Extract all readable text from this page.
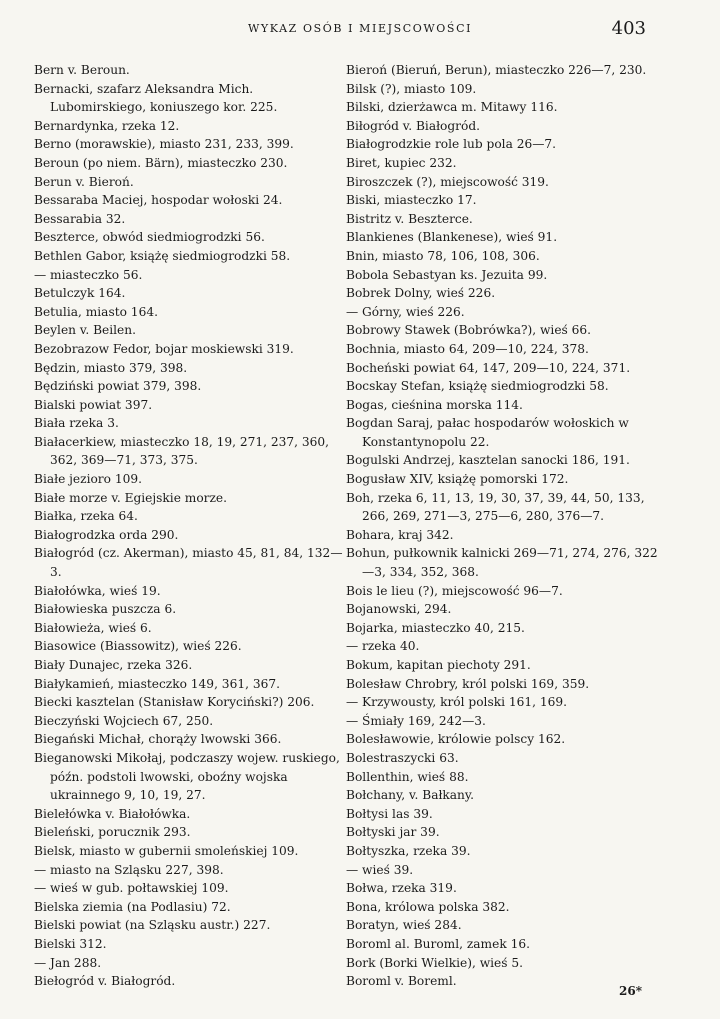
WYKAZ OSÓB I MIEJSCOWOŚCI	403
Bern v. Beroun.
Bernacki, szafarz Aleksandra Mich. Lubomirskiego, koniuszego kor. 225.
Bernardynka, rzeka 12.
Berno (morawskie), miasto 231, 233, 399.
Beroun (po niem. Bärn), miasteczko 230.
Berun v. Bieroń.
Bessaraba Maciej, hospodar wołoski 24.
Bessarabia 32.
Beszterce, obwód siedmiogrodzki 56.
Bethlen Gabor, książę siedmiogrodzki 58.
— miasteczko 56.
Betulczyk 164.
Betulia, miasto 164.
Beylen v. Beilen.
Bezobrazow Fedor, bojar moskiewski 319.
Będzin, miasto 379, 398.
Będziński powiat 379, 398.
Bialski powiat 397.
Biała rzeka 3.
Białacerkiew, miasteczko 18, 19, 271, 237, 360, 362, 369—71, 373, 375.
Białe jezioro 109.
Białe morze v. Egiejskie morze.
Białka, rzeka 64.
Białogrodzka orda 290.
Białogród (cz. Akerman), miasto 45, 81, 84, 132—3.
Białołówka, wieś 19.
Białowieska puszcza 6.
Białowieża, wieś 6.
Biasowice (Biassowitz), wieś 226.
Biały Dunajec, rzeka 326.
Białykamień, miasteczko 149, 361, 367.
Biecki kasztelan (Stanisław Koryciński?) 206.
Bieczyński Wojciech 67, 250.
Biegański Michał, chorąży lwowski 366.
Bieganowski Mikołaj, podczaszy wojew. ruskiego, późn. podstoli lwowski, oboźny wojska ukrainnego 9, 10, 19, 27.
Bielełówka v. Białołówka.
Bieleński, porucznik 293.
Bielsk, miasto w gubernii smoleńskiej 109.
— miasto na Szląsku 227, 398.
— wieś w gub. połtawskiej 109.
Bielska ziemia (na Podlasiu) 72.
Bielski powiat (na Szląsku austr.) 227.
Bielski 312.
— Jan 288.
Biełogród v. Białogród.
Bieroń (Bieruń, Berun), miasteczko 226—7, 230.
Bilsk (?), miasto 109.
Bilski, dzierżawca m. Mitawy 116.
Biłogród v. Białogród.
Białogrodzkie role lub pola 26—7.
Biret, kupiec 232.
Biroszczek (?), miejscowość 319.
Biski, miasteczko 17.
Bistritz v. Beszterce.
Blankienes (Blankenese), wieś 91.
Bnin, miasto 78, 106, 108, 306.
Bobola Sebastyan ks. Jezuita 99.
Bobrek Dolny, wieś 226.
— Górny, wieś 226.
Bobrowy Stawek (Bobrówka?), wieś 66.
Bochnia, miasto 64, 209—10, 224, 378.
Bocheński powiat 64, 147, 209—10, 224, 371.
Bocskay Stefan, książę siedmiogrodzki 58.
Bogas, cieśnina morska 114.
Bogdan Saraj, pałac hospodarów wołoskich w Konstantynopolu 22.
Bogulski Andrzej, kasztelan sanocki 186, 191.
Bogusław XIV, książę pomorski 172.
Boh, rzeka 6, 11, 13, 19, 30, 37, 39, 44, 50, 133, 266, 269, 271—3, 275—6, 280, 376—7.
Bohara, kraj 342.
Bohun, pułkownik kalnicki 269—71, 274, 276, 322—3, 334, 352, 368.
Bois le lieu (?), miejscowość 96—7.
Bojanowski, 294.
Bojarka, miasteczko 40, 215.
— rzeka 40.
Bokum, kapitan piechoty 291.
Bolesław Chrobry, król polski 169, 359.
— Krzywousty, król polski 161, 169.
— Śmiały 169, 242—3.
Bolesławowie, królowie polscy 162.
Bolestraszycki 63.
Bollenthin, wieś 88.
Bołchany, v. Bałkany.
Bołtysi las 39.
Bołtyski jar 39.
Bołtyszka, rzeka 39.
— wieś 39.
Bołwa, rzeka 319.
Bona, królowa polska 382.
Boratyn, wieś 284.
Boroml al. Buroml, zamek 16.
Bork (Borki Wielkie), wieś 5.
Boroml v. Boreml.
26*
